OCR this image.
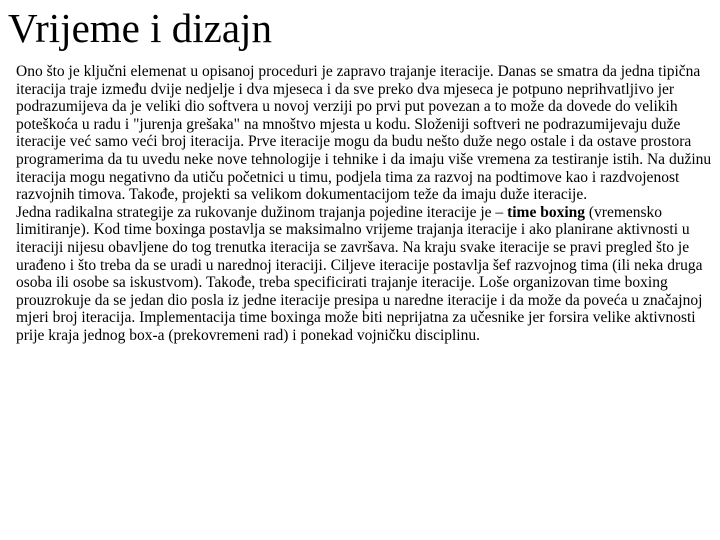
Vrijeme i dizajn

Ono što je ključni elemenat u opisanoj proceduri je zapravo trajanje iteracije. Danas se smatra da jedna tipična iteracija traje između dvije nedjelje i dva mjeseca i da sve preko dva mjeseca je potpuno neprihvatljivo jer podrazumijeva da je veliki dio softvera u novoj verziji po prvi put povezan a to može da dovede do velikih poteškoća u radu i "jurenja grešaka" na mnoštvo mjesta u kodu. Složeniji softveri ne podrazumijevaju duže iteracije već samo veći broj iteracija. Prve iteracije mogu da budu nešto duže nego ostale i da ostave prostora programerima da tu uvedu neke nove tehnologije i tehnike i da imaju više vremena za testiranje istih. Na dužinu iteracija mogu negativno da utiču početnici u timu, podjela tima za razvoj na podtimove kao i razdvojenost razvojnih timova. Takođe, projekti sa velikom dokumentacijom teže da imaju duže iteracije.

Jedna radikalna strategije za rukovanje dužinom trajanja pojedine iteracije je – time boxing (vremensko limitiranje). Kod time boxinga postavlja se maksimalno vrijeme trajanja iteracije i ako planirane aktivnosti u iteraciji nijesu obavljene do tog trenutka iteracija se završava. Na kraju svake iteracije se pravi pregled što je urađeno i što treba da se uradi u narednoj iteraciji. Ciljeve iteracije postavlja šef razvojnog tima (ili neka druga osoba ili osobe sa iskustvom). Takođe, treba specificirati trajanje iteracije. Loše organizovan time boxing prouzrokuje da se jedan dio posla iz jedne iteracije presipa u naredne iteracije i da može da poveća u značajnoj mjeri broj iteracija. Implementacija time boxinga može biti neprijatna za učesnike jer forsira velike aktivnosti prije kraja jednog box-a (prekovremeni rad) i ponekad vojničku disciplinu.
